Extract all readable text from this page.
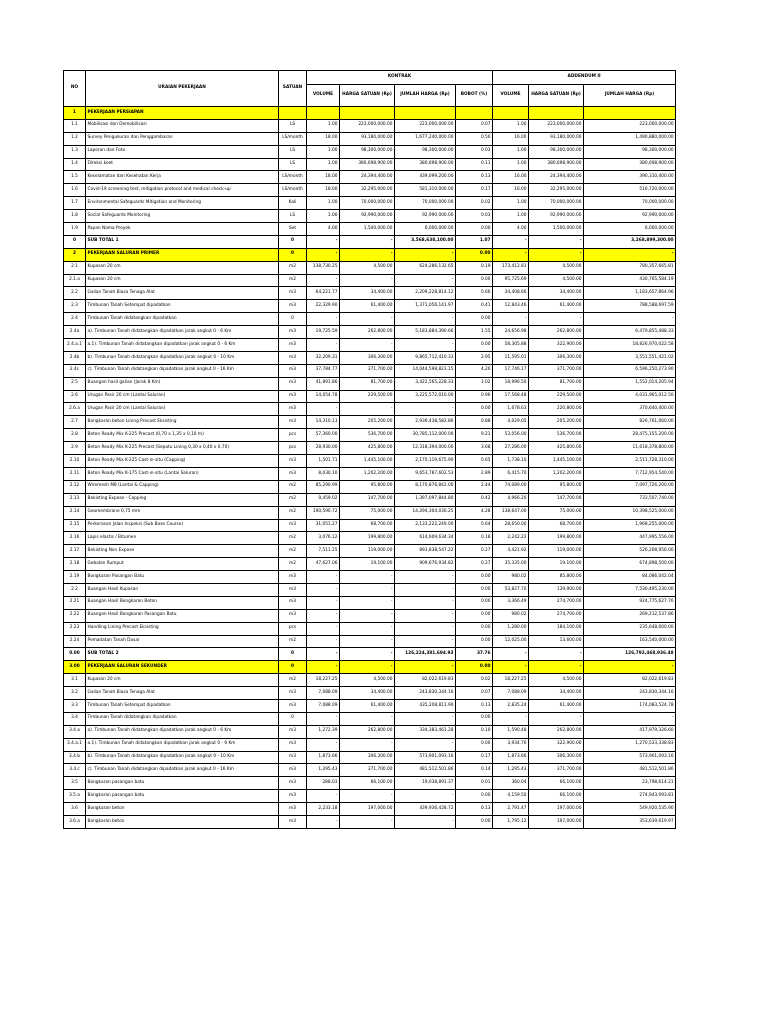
NO	URAIAN PEKERJAAN	SATUAN	KONTRAK				ADDENDUM II		
			VOLUME	HARGA SATUAN (Rp)	JUMLAH HARGA (Rp)	BOBOT (%)	VOLUME	HARGA SATUAN (Rp)	JUMLAH HARGA (Rp)
1	PEKERJAAN PERSIAPAN								
1.1	Mobilisasi dan Demobilisasi	LS	1.00	223,000,000.00	223,000,000.00	0.07	1.00	223,000,000.00	223,000,000.00
1.2	Survey Pengukuran dan Penggambaran	LS/month	18.00	93,180,000.00	1,677,240,000.00	0.50	16.00	93,180,000.00	1,490,880,000.00
1.3	Laporan dan Foto	LS	1.00	98,300,000.00	98,300,000.00	0.03	1.00	98,300,000.00	98,300,000.00
1.4	Direksi keet	LS	1.00	380,698,900.00	380,698,900.00	0.11	1.00	380,698,900.00	380,698,900.00
1.5	Keselamatan dan Kesehatan Kerja	LS/month	18.00	24,394,400.00	439,099,200.00	0.13	16.00	24,394,400.00	390,310,400.00
1.6	Covid-19 screening test, mitigation protocol and medical check-up	LS/month	18.00	32,295,000.00	581,310,000.00	0.17	16.00	32,295,000.00	516,720,000.00
1.7	Environmental Safeguards Mitigation and Monitoring	Kali	1.00	70,000,000.00	70,000,000.00	0.02	1.00	70,000,000.00	70,000,000.00
1.8	Social Safeguards Monitoring	LS	1.00	92,990,000.00	92,990,000.00	0.03	1.00	92,990,000.00	92,990,000.00
1.9	Papan Nama Proyek	Set	4.00	1,500,000.00	6,000,000.00	0.00	4.00	1,500,000.00	6,000,000.00
0	SUB TOTAL 1	0	-	-	3,568,638,100.00	1.07	-	-	3,268,899,300.00
2	PEKERJAAN SALURAN PRIMER	0	-	-	-	0.00	-	-	-
2.1	Kupasan 20 cm	m2	138,730.25	4,500.00	624,286,132.65	0.19	173,412.81	4,500.00	780,357,665.81
2.1.a	Kupasan 20 cm	m2	-	-	-	0.00	95,725.69	4,500.00	430,765,584.19
2.2	Galian Tanah Biasa Tenaga Alat	m3	64,221.77	34,400.00	2,209,228,814.12	0.66	34,408.66	34,400.00	1,183,657,864.96
2.3	Timbunan Tanah Setempat dipadatkan	m3	22,329.90	61,400.00	1,371,056,141.97	0.41	12,843.46	61,400.00	788,588,697.59
2.4	Timbunan Tanah didatangkan dipadatkan	0	-	-	-	0.00	-	-	-
2.4a	a). Timbunan Tanah didatangkan dipadatkan jarak angkut 0 - 6 Km	m3	19,725.59	262,800.00	5,183,884,390.66	1.55	24,656.98	262,800.00	6,479,855,488.33
2.4.a.1	a.1). Timbunan Tanah didatangkan dipadatkan jarak angkut 0 - 6 Km	m3	-	-	-	0.00	58,305.88	322,900.00	18,826,970,022.58
2.4b	b). Timbunan Tanah didatangkan dipadatkan jarak angkut 0 - 10 Km	m3	32,209.31	306,300.00	9,865,712,410.33	2.95	11,595.01	306,300.00	3,551,551,421.02
2.4c	c). Timbunan Tanah didatangkan dipadatkan jarak angkut 0 - 16 Km	m3	37,784.77	371,700.00	14,044,598,823.15	4.20	17,746.17	371,700.00	6,596,250,273.90
2.5	Buangan hasil galian (Jarak 8 Km)	m3	41,891.86	81,700.00	3,422,565,228.33	1.02	18,996.50	81,700.00	1,552,014,205.94
2.6	Urugan Pasir 20 cm (Lantai Saluran)	m3	14,054.78	229,500.00	3,225,572,010.00	0.96	17,568.48	229,500.00	4,031,965,012.50
2.6.a	Urugan Pasir 20 cm (Lantai Saluran)	m3	-	-	-	0.00	1,678.63	220,800.00	370,640,400.00
2.7	Bongkaran beton Lining Precast Eksisting	m3	14,310.13	205,200.00	2,936,438,582.86	0.88	4,029.05	205,200.00	826,761,060.00
2.8	Beton Ready Mix K-225 Precast (0,70 x 1,35 x 0,10 m)	pcs	57,360.00	536,700.00	30,785,112,000.00	9.21	53,056.00	536,700.00	28,475,155,200.00
2.9	Beton Ready Mix K-225 Precast (Sepatu Lining 0,30 x 0,40 x 0,70)	pcs	28,930.00	425,800.00	12,318,394,000.00	3.68	27,286.00	425,800.00	11,618,378,800.00
2.10	Beton Ready Mix K-225 Cast-in-situ (Capping)	m3	1,501.71	1,445,100.00	2,170,119,675.90	0.65	1,738.10	1,445,100.00	2,511,728,310.00
2.11	Beton Ready Mix K-175 Cast-in-situ (Lantai Saluran)	m3	8,030.10	1,202,200.00	9,653,787,602.53	2.89	6,415.70	1,202,200.00	7,712,954,540.00
2.12	Wiremesh M8 (Lantai & Capping)	m2	85,290.99	95,800.00	8,170,876,842.00	2.44	74,089.00	95,800.00	7,097,726,200.00
2.13	Bekisting Expose - Capping	m2	9,459.02	147,700.00	1,397,097,844.80	0.42	4,966.20	147,700.00	733,507,740.00
2.14	Geomembrane 0,75 mm	m2	190,590.72	75,000.00	14,294,304,030.25	4.28	138,647.00	75,000.00	10,398,525,000.00
2.15	Perkerasan Jalan Inspeksi (Sub Base Course)	m3	31,051.27	68,700.00	2,133,222,249.00	0.64	28,650.00	68,700.00	1,968,255,000.00
2.16	Lapis elastis / Bitumen	m2	3,076.12	199,800.00	614,609,634.34	0.18	2,242.22	199,800.00	447,995,556.00
2.17	Bekisting Non Expose	m2	7,511.25	119,000.00	893,838,547.22	0.27	4,421.92	119,000.00	526,208,956.00
2.18	Gebalan Rumput	m2	47,627.06	19,100.00	909,676,934.82	0.27	35,335.00	19,100.00	674,898,500.00
2.19	Bongkaran Pasangan Batu	m3	-	-	-	0.00	980.02	85,800.00	84,086,042.04
2.2	Buangan Hasil Kupasan	m3	-	-	-	0.00	53,827.70	139,900.00	7,530,495,230.00
2.21	Buangan Hasil Bongkaran Beton	m3	-	-	-	0.00	3,366.49	274,700.00	924,775,627.76
2.22	Buangan Hasil Bongkaran Pasangan Batu	m3	-	-	-	0.00	980.02	274,700.00	269,212,537.86
2.23	Handling Lining Precast Eksisting	pcs	-	-	-	0.00	1,280.00	184,100.00	235,648,000.00
2.24	Pemadatan Tanah Dasar	m2	-	-	-	0.00	12,025.00	13,600.00	163,540,000.00
0.00	SUB TOTAL 2	0	-	-	126,224,381,694.93	37.76	-	-	126,792,468,936.48
3.00	PEKERJAAN SALURAN SEKUNDER	0	-	-	-	0.00	-	-	-
3.1	Kupasan 20 cm	m2	18,227.25	4,500.00	82,022,619.83	0.02	18,227.25	4,500.00	82,022,619.83
3.2	Galian Tanah Biasa Tenaga Alat	m3	7,088.09	34,400.00	243,830,344.16	0.07	7,088.09	34,400.00	243,830,344.16
3.3	Timbunan Tanah Setempat dipadatkan	m3	7,088.09	61,400.00	435,208,811.90	0.13	2,835.24	61,400.00	174,083,524.78
3.4	Timbunan Tanah didatangkan dipadatkan	0	-	-	-	0.00	-	-	-
3.4.a	a). Timbunan Tanah didatangkan dipadatkan jarak angkut 0 - 6 Km	m3	1,272.39	262,800.00	334,383,461.28	0.10	1,590.48	262,800.00	417,979,326.60
3.4.a.1	a.1). Timbunan Tanah didatangkan dipadatkan jarak angkut 0 - 6 Km	m3	-	-	-	0.00	3,934.76	322,900.00	1,270,533,338.83
3.4.b	b). Timbunan Tanah didatangkan dipadatkan jarak angkut 0 - 10 Km	m3	1,873.66	306,300.00	573,901,093.16	0.17	1,873.66	306,300.00	573,901,093.16
3.4.c	c). Timbunan Tanah didatangkan dipadatkan jarak angkut 0 - 16 Km	m3	1,295.43	371,700.00	481,512,501.86	0.14	1,295.43	371,700.00	481,512,501.86
3.5	Bongkaran pasangan batu	m3	288.03	66,100.00	19,038,891.37	0.01	360.04	66,100.00	23,798,614.21
3.5.a	Bongkaran pasangan batu	m3	-	-	-	0.00	4,159.50	66,100.00	274,943,093.81
3.6	Bongkaran beton	m3	2,233.18	197,000.00	439,936,428.72	0.13	2,791.47	197,000.00	549,920,535.90
3.6.a	Bongkaran beton	m3	-	-	-	0.00	1,795.12	197,000.00	353,639,619.97
